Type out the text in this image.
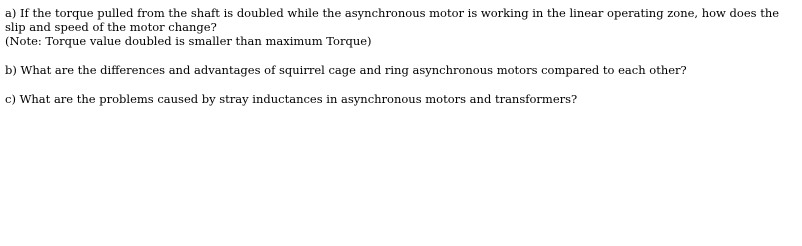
a) If the torque pulled from the shaft is doubled while the asynchronous motor is working in the linear operating zone, how does the slip and speed of the motor change?

(Note: Torque value doubled is smaller than maximum Torque)

b) What are the differences and advantages of squirrel cage and ring asynchronous motors compared to each other?

c) What are the problems caused by stray inductances in asynchronous motors and transformers?
